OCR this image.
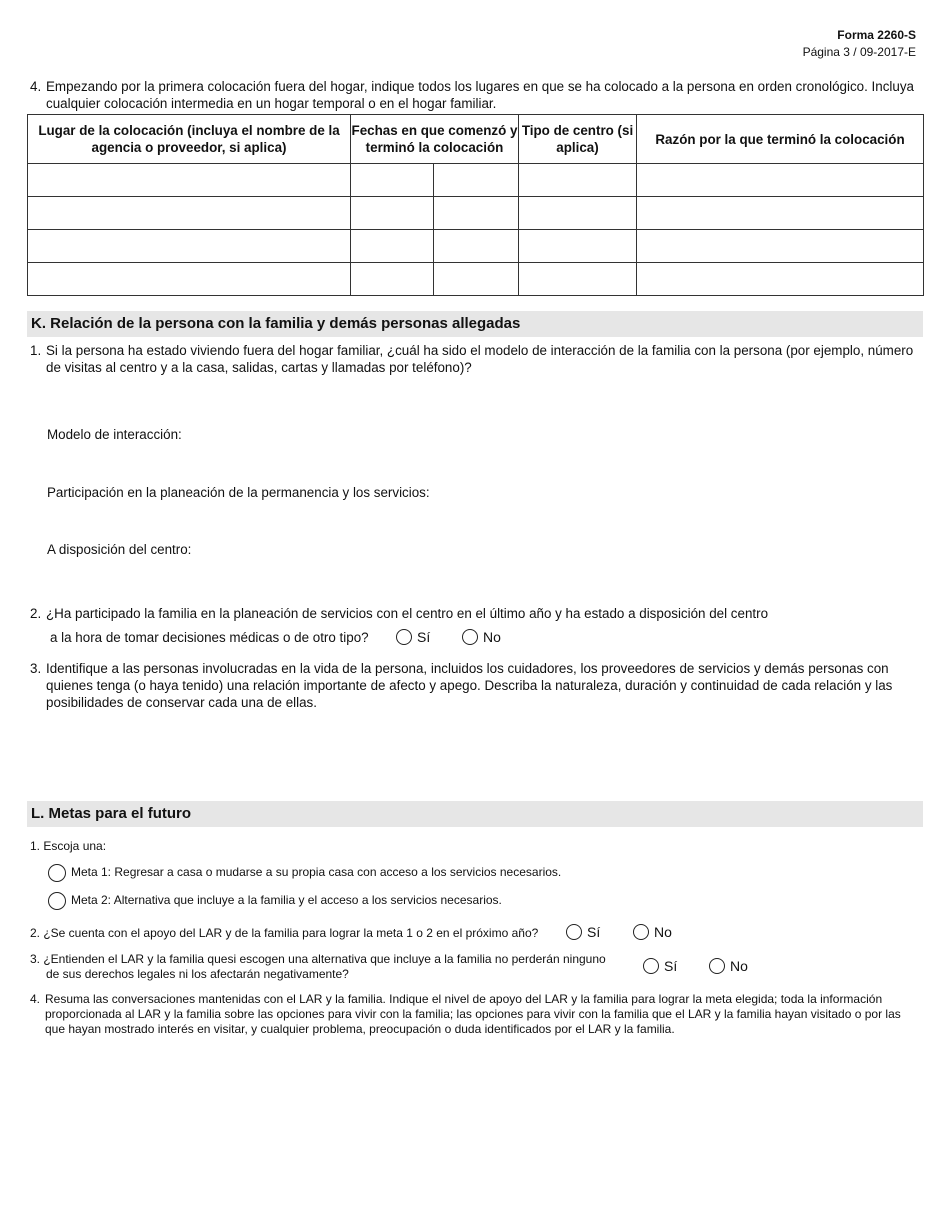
Forma 2260-S
Página 3 / 09-2017-E
4. Empezando por la primera colocación fuera del hogar, indique todos los lugares en que se ha colocado a la persona en orden cronológico. Incluya cualquier colocación intermedia en un hogar temporal o en el hogar familiar.
Lugar de la colocación (incluya el nombre de la agencia o proveedor, si aplica)	Fechas en que comenzó y terminó la colocación		Tipo de centro (si aplica)	Razón por la que terminó la colocación

K. Relación de la persona con la familia y demás personas allegadas
1. Si la persona ha estado viviendo fuera del hogar familiar, ¿cuál ha sido el modelo de interacción de la familia con la persona (por ejemplo, número de visitas al centro y a la casa, salidas, cartas y llamadas por teléfono)?
Modelo de interacción:
Participación en la planeación de la permanencia y los servicios:
A disposición del centro:
2. ¿Ha participado la familia en la planeación de servicios con el centro en el último año y ha estado a disposición del centro
a la hora de tomar decisiones médicas o de otro tipo?	Sí	No
3. Identifique a las personas involucradas en la vida de la persona, incluidos los cuidadores, los proveedores de servicios y demás personas con quienes tenga (o haya tenido) una relación importante de afecto y apego. Describa la naturaleza, duración y continuidad de cada relación y las posibilidades de conservar cada una de ellas.
L. Metas para el futuro
1. Escoja una:
Meta 1: Regresar a casa o mudarse a su propia casa con acceso a los servicios necesarios.
Meta 2: Alternativa que incluye a la familia y el acceso a los servicios necesarios.
2. ¿Se cuenta con el apoyo del LAR y de la familia para lograr la meta 1 o 2 en el próximo año?	Sí	No
3. ¿Entienden el LAR y la familia quesi escogen una alternativa que incluye a la familia no perderán ninguno
de sus derechos legales ni los afectarán negativamente?	Sí	No
4. Resuma las conversaciones mantenidas con el LAR y la familia. Indique el nivel de apoyo del LAR y la familia para lograr la meta elegida; toda la información proporcionada al LAR y la familia sobre las opciones para vivir con la familia; las opciones para vivir con la familia que el LAR y la familia hayan visitado o por las que hayan mostrado interés en visitar, y cualquier problema, preocupación o duda identificados por el LAR y la familia.
